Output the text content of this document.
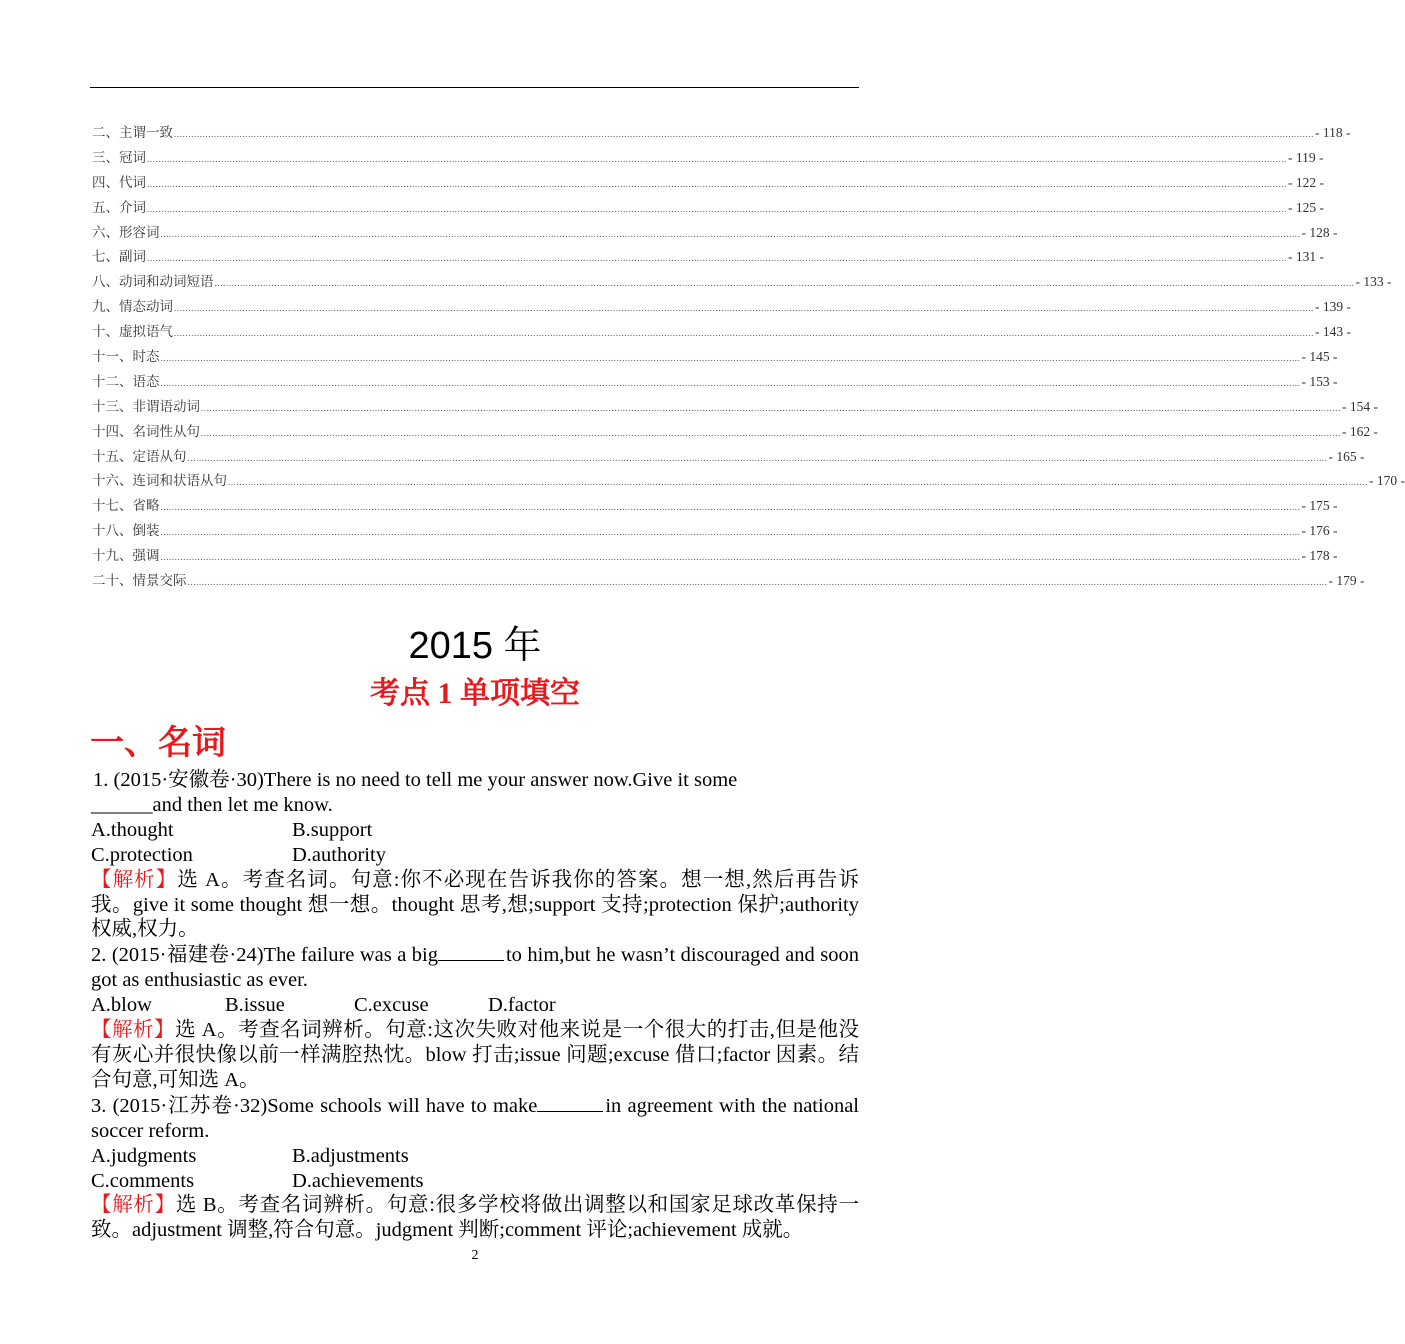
二、主谓一致 ................................................................................................................................................................................................................................................................................................................................................................................................................ - 118 -
三、冠词 ................................................................................................................................................................................................................................................................................................................................................................................................................ - 119 -
四、代词 ................................................................................................................................................................................................................................................................................................................................................................................................................ - 122 -
五、介词 ................................................................................................................................................................................................................................................................................................................................................................................................................ - 125 -
六、形容词 ................................................................................................................................................................................................................................................................................................................................................................................................................ - 128 -
七、副词 ................................................................................................................................................................................................................................................................................................................................................................................................................ - 131 -
八、动词和动词短语 ................................................................................................................................................................................................................................................................................................................................................................................................................ - 133 -
九、情态动词 ................................................................................................................................................................................................................................................................................................................................................................................................................ - 139 -
十、虚拟语气 ................................................................................................................................................................................................................................................................................................................................................................................................................ - 143 -
十一、时态 ................................................................................................................................................................................................................................................................................................................................................................................................................ - 145 -
十二、语态 ................................................................................................................................................................................................................................................................................................................................................................................................................ - 153 -
十三、非谓语动词 ................................................................................................................................................................................................................................................................................................................................................................................................................ - 154 -
十四、名词性从句 ................................................................................................................................................................................................................................................................................................................................................................................................................ - 162 -
十五、定语从句 ................................................................................................................................................................................................................................................................................................................................................................................................................ - 165 -
十六、连词和状语从句 ................................................................................................................................................................................................................................................................................................................................................................................................................ - 170 -
十七、省略 ................................................................................................................................................................................................................................................................................................................................................................................................................ - 175 -
十八、倒装 ................................................................................................................................................................................................................................................................................................................................................................................................................ - 176 -
十九、强调 ................................................................................................................................................................................................................................................................................................................................................................................................................ - 178 -
二十、情景交际 ................................................................................................................................................................................................................................................................................................................................................................................................................ - 179 -
2015 年
考点 1 单项填空
一、名词

1. (2015·安徽卷·30)There is no need to tell me your answer now.Give it some

______and then let me know.

A.thought	B.support
C.protection	D.authority

【解析】选 A。考查名词。句意:你不必现在告诉我你的答案。想一想,然后再告诉我。give it some thought 想一想。thought 思考,想;support 支持;protection 保护;authority 权威,权力。

2. (2015·福建卷·24)The failure was a big	to him,but he wasn’t discouraged and soon got as enthusiastic as ever.

A.blow	B.issue	C.excuse	D.factor

【解析】选 A。考查名词辨析。句意:这次失败对他来说是一个很大的打击,但是他没有灰心并很快像以前一样满腔热忱。blow 打击;issue 问题;excuse 借口;factor 因素。结合句意,可知选 A。

3. (2015·江苏卷·32)Some schools will have to make	in agreement with the national soccer reform.

A.judgments	B.adjustments
C.comments	D.achievements

【解析】选 B。考查名词辨析。句意:很多学校将做出调整以和国家足球改革保持一致。adjustment 调整,符合句意。judgment 判断;comment 评论;achievement 成就。

2
